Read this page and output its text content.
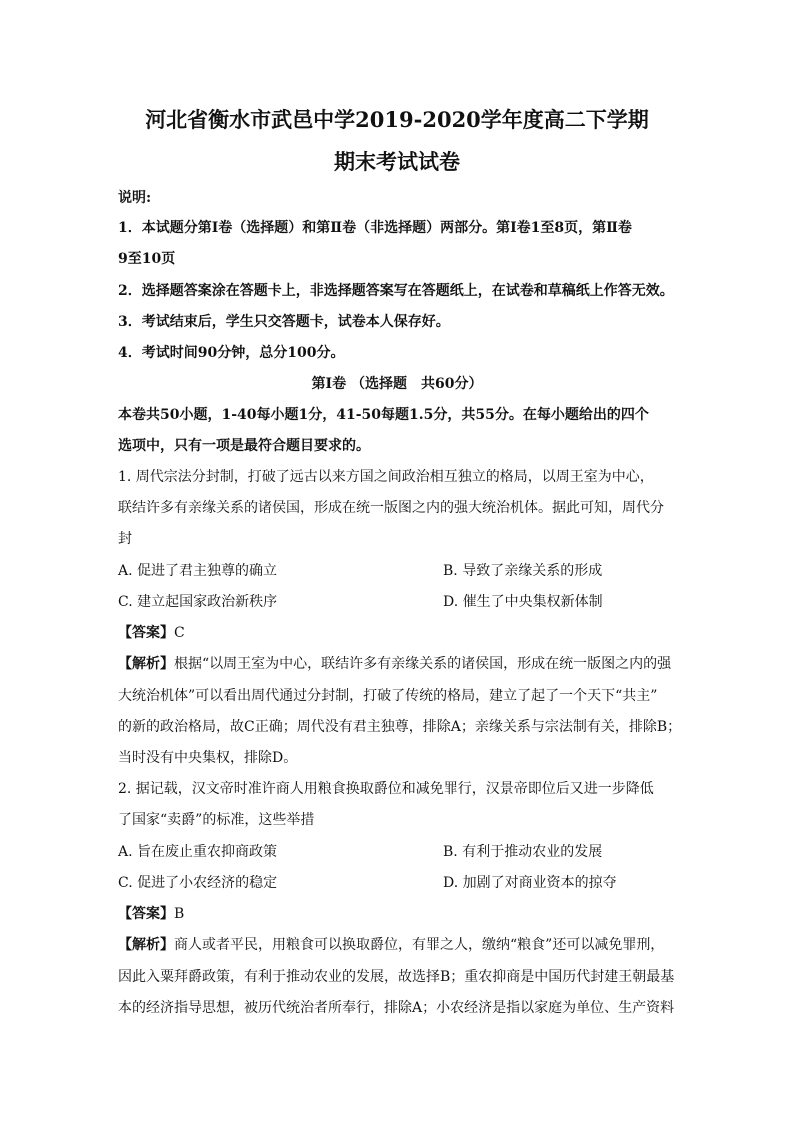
河北省衡水市武邑中学2019-2020学年度高二下学期
期末考试试卷
说明:
1．本试题分第Ⅰ卷（选择题）和第Ⅱ卷（非选择题）两部分。第Ⅰ卷1至8页，第Ⅱ卷
9至10页
2．选择题答案涂在答题卡上，非选择题答案写在答题纸上，在试卷和草稿纸上作答无效。
3．考试结束后，学生只交答题卡，试卷本人保存好。
4．考试时间90分钟，总分100分。
第Ⅰ卷 （选择题　共60分）
本卷共50小题，1-40每小题1分，41-50每题1.5分，共55分。在每小题给出的四个
选项中，只有一项是最符合题目要求的。
1. 周代宗法分封制，打破了远古以来方国之间政治相互独立的格局，以周王室为中心，
联结许多有亲缘关系的诸侯国，形成在统一版图之内的强大统治机体。据此可知，周代分
封
A. 促进了君主独尊的确立	B. 导致了亲缘关系的形成
C. 建立起国家政治新秩序	D. 催生了中央集权新体制
【答案】C
【解析】根据“以周王室为中心，联结许多有亲缘关系的诸侯国，形成在统一版图之内的强
大统治机体”可以看出周代通过分封制，打破了传统的格局，建立了起了一个天下“共主”
的新的政治格局，故C正确；周代没有君主独尊，排除A；亲缘关系与宗法制有关，排除B；
当时没有中央集权，排除D。
2. 据记载，汉文帝时准许商人用粮食换取爵位和减免罪行，汉景帝即位后又进一步降低
了国家“卖爵”的标准，这些举措
A. 旨在废止重农抑商政策	B. 有利于推动农业的发展
C. 促进了小农经济的稳定	D. 加剧了对商业资本的掠夺
【答案】B
【解析】商人或者平民，用粮食可以换取爵位，有罪之人，缴纳“粮食”还可以减免罪刑，
因此入粟拜爵政策，有利于推动农业的发展，故选择B；重农抑商是中国历代封建王朝最基
本的经济指导思想，被历代统治者所奉行，排除A；小农经济是指以家庭为单位、生产资料
